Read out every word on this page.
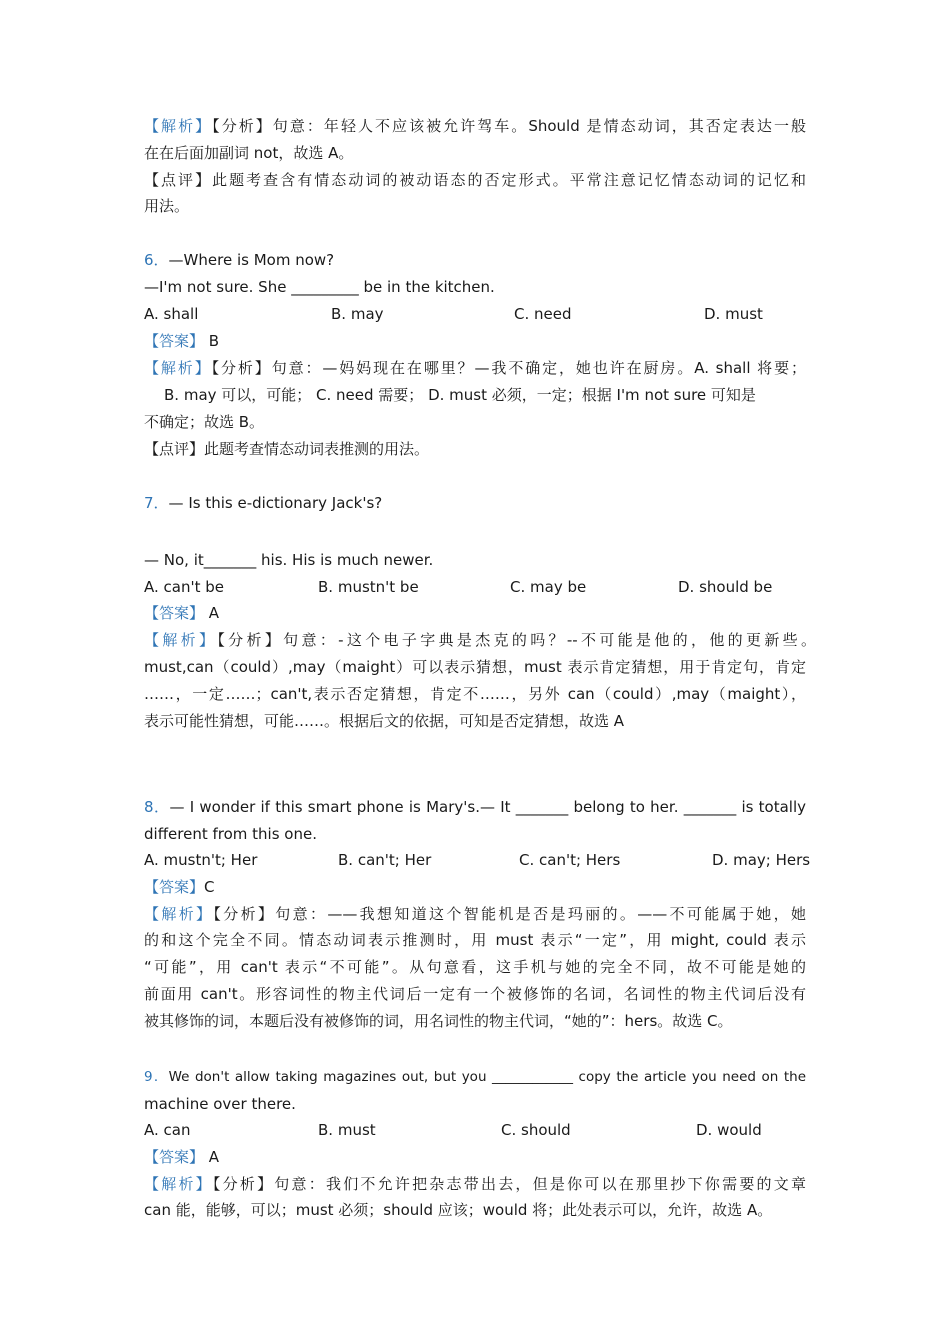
【解析】【分析】句意：年轻人不应该被允许驾车。Should 是情态动词，其否定表达一般
在在后面加副词 not，故选 A。
【点评】此题考查含有情态动词的被动语态的否定形式。平常注意记忆情态动词的记忆和
用法。
6．—Where is Mom now?
—I'm not sure. She _________ be in the kitchen.
A. shall	B. may	C. need	D. must
【答案】 B
【解析】【分析】句意：—妈妈现在在哪里？—我不确定，她也许在厨房。A. shall 将要；
B. may 可以，可能； C. need 需要； D. must 必须，一定；根据 I'm not sure 可知是
不确定；故选 B。
【点评】此题考查情态动词表推测的用法。
7．— Is this e-dictionary Jack's?
— No, it_______ his. His is much newer.
A. can't be	B. mustn't be	C. may be	D. should be
【答案】 A
【解析】【分析】句意：-这个电子字典是杰克的吗？--不可能是他的，他的更新些。
must,can（could）,may（maight）可以表示猜想，must 表示肯定猜想，用于肯定句，肯定
……，一定……；can't,表示否定猜想，肯定不……，另外 can（could）,may（maight），
表示可能性猜想，可能……。根据后文的依据，可知是否定猜想，故选 A
8．— I wonder if this smart phone is Mary's.— It _______ belong to her. _______ is totally
different from this one.
A. mustn't; Her	B. can't; Her	C. can't; Hers	D. may; Hers
【答案】C
【解析】【分析】句意：——我想知道这个智能机是否是玛丽的。——不可能属于她，她
的和这个完全不同。情态动词表示推测时，用 must 表示“一定”，用 might, could 表示
“可能”，用 can't 表示“不可能”。从句意看，这手机与她的完全不同，故不可能是她的
前面用 can't。形容词性的物主代词后一定有一个被修饰的名词，名词性的物主代词后没有
被其修饰的词，本题后没有被修饰的词，用名词性的物主代词，“她的”：hers。故选 C。
9．We don't allow taking magazines out, but you ____________ copy the article you need on the
machine over there.
A. can	B. must	C. should	D. would
【答案】 A
【解析】【分析】句意：我们不允许把杂志带出去，但是你可以在那里抄下你需要的文章
can 能，能够，可以；must 必须；should 应该；would 将；此处表示可以，允许，故选 A。
